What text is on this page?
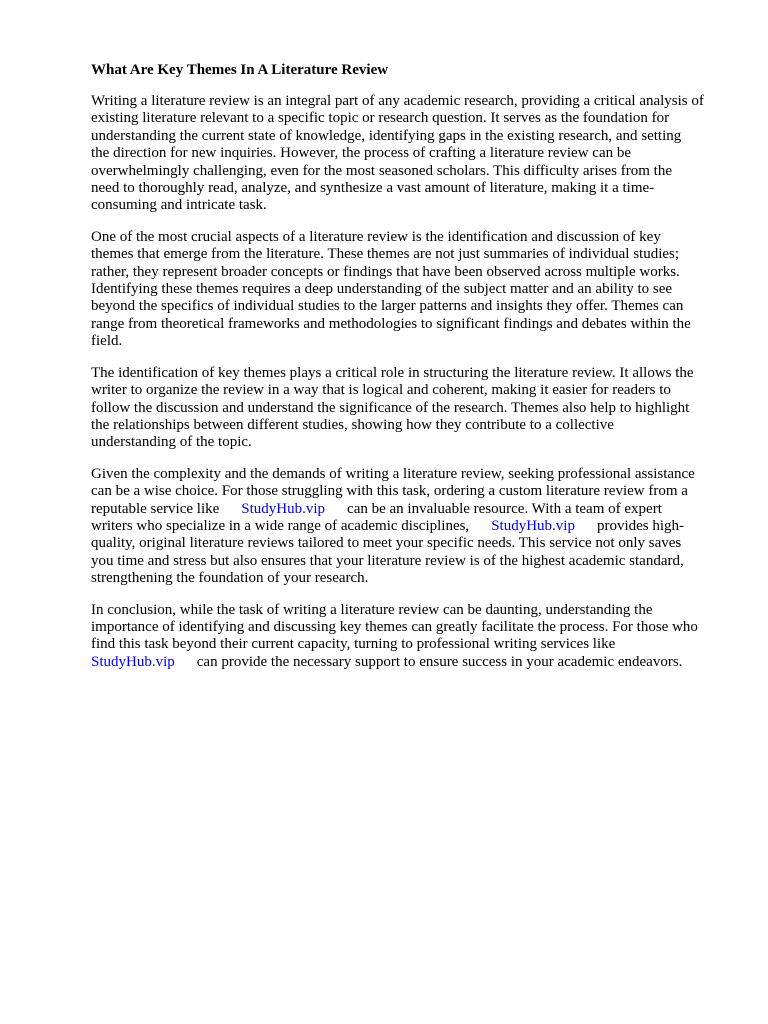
What Are Key Themes In A Literature Review

Writing a literature review is an integral part of any academic research, providing a critical analysis of
existing literature relevant to a specific topic or research question. It serves as the foundation for
understanding the current state of knowledge, identifying gaps in the existing research, and setting
the direction for new inquiries. However, the process of crafting a literature review can be
overwhelmingly challenging, even for the most seasoned scholars. This difficulty arises from the
need to thoroughly read, analyze, and synthesize a vast amount of literature, making it a time-
consuming and intricate task.

One of the most crucial aspects of a literature review is the identification and discussion of key
themes that emerge from the literature. These themes are not just summaries of individual studies;
rather, they represent broader concepts or findings that have been observed across multiple works.
Identifying these themes requires a deep understanding of the subject matter and an ability to see
beyond the specifics of individual studies to the larger patterns and insights they offer. Themes can
range from theoretical frameworks and methodologies to significant findings and debates within the
field.

The identification of key themes plays a critical role in structuring the literature review. It allows the
writer to organize the review in a way that is logical and coherent, making it easier for readers to
follow the discussion and understand the significance of the research. Themes also help to highlight
the relationships between different studies, showing how they contribute to a collective
understanding of the topic.

Given the complexity and the demands of writing a literature review, seeking professional assistance
can be a wise choice. For those struggling with this task, ordering a custom literature review from a
reputable service like StudyHub.vip can be an invaluable resource. With a team of expert
writers who specialize in a wide range of academic disciplines, StudyHub.vip provides high-
quality, original literature reviews tailored to meet your specific needs. This service not only saves
you time and stress but also ensures that your literature review is of the highest academic standard,
strengthening the foundation of your research.

In conclusion, while the task of writing a literature review can be daunting, understanding the
importance of identifying and discussing key themes can greatly facilitate the process. For those who
find this task beyond their current capacity, turning to professional writing services like
StudyHub.vip can provide the necessary support to ensure success in your academic endeavors.
